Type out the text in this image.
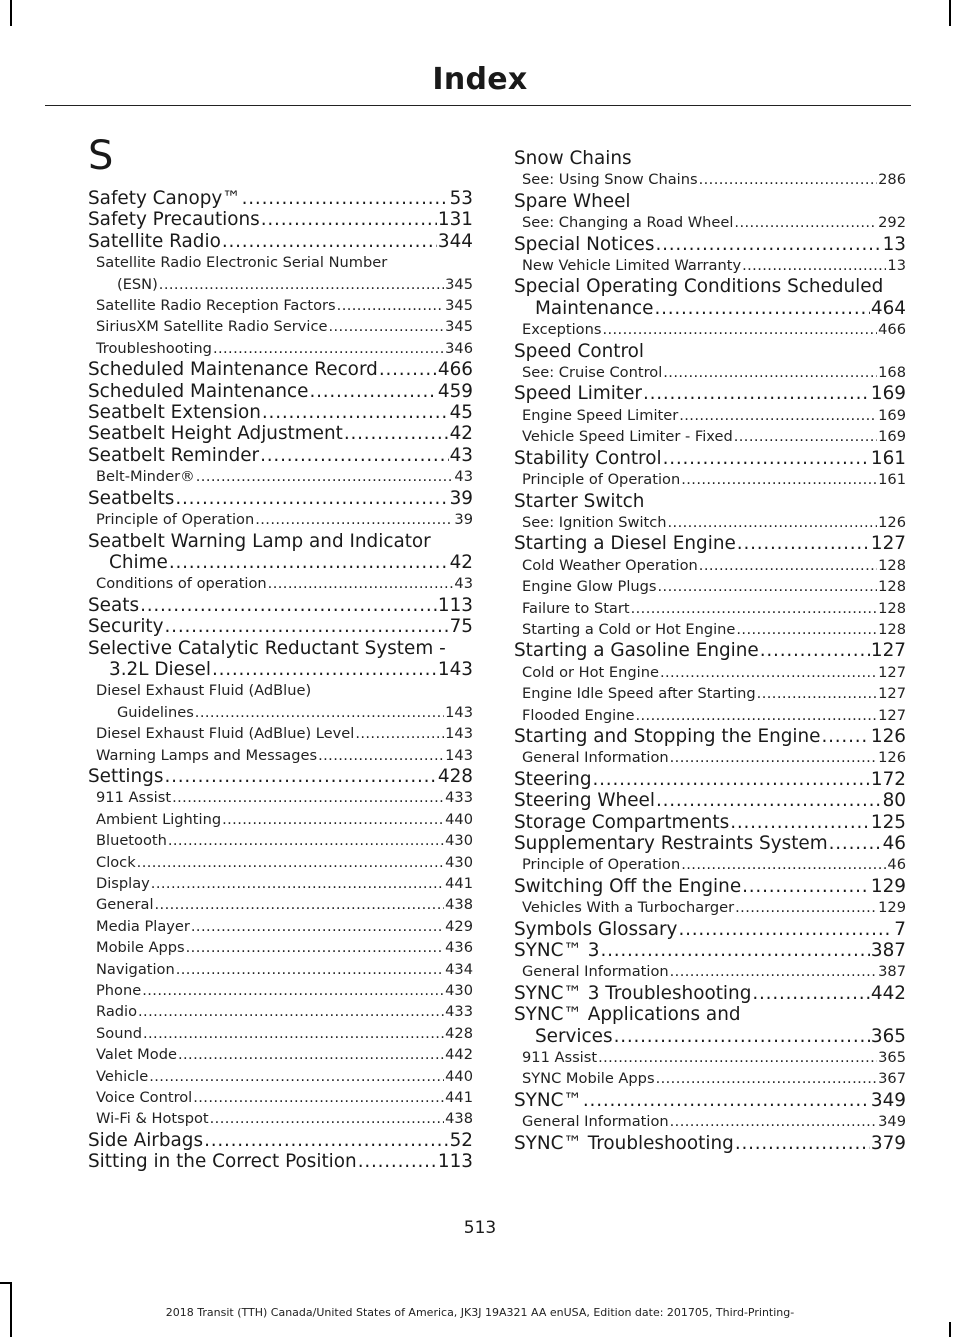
Index
S
Safety Canopy™ .....	53
Safety Precautions .....	131
Satellite Radio .....	344
Satellite Radio Electronic Serial Number
(ESN) .....	345
Satellite Radio Reception Factors .....	345
SiriusXM Satellite Radio Service .....	345
Troubleshooting .....	346
Scheduled Maintenance Record .....	466
Scheduled Maintenance .....	459
Seatbelt Extension .....	45
Seatbelt Height Adjustment .....	42
Seatbelt Reminder .....	43
Belt-Minder® .....	43
Seatbelts .....	39
Principle of Operation .....	39
Seatbelt Warning Lamp and Indicator
Chime .....	42
Conditions of operation .....	43
Seats .....	113
Security .....	75
Selective Catalytic Reductant System -
3.2L Diesel .....	143
Diesel Exhaust Fluid (AdBlue)
Guidelines .....	143
Diesel Exhaust Fluid (AdBlue) Level .....	143
Warning Lamps and Messages .....	143
Settings .....	428
911 Assist .....	433
Ambient Lighting .....	440
Bluetooth .....	430
Clock .....	430
Display .....	441
General .....	438
Media Player .....	429
Mobile Apps .....	436
Navigation .....	434
Phone .....	430
Radio .....	433
Sound .....	428
Valet Mode .....	442
Vehicle .....	440
Voice Control .....	441
Wi-Fi & Hotspot .....	438
Side Airbags .....	52
Sitting in the Correct Position .....	113
Snow Chains
See: Using Snow Chains .....	286
Spare Wheel
See: Changing a Road Wheel .....	292
Special Notices .....	13
New Vehicle Limited Warranty .....	13
Special Operating Conditions Scheduled
Maintenance .....	464
Exceptions .....	466
Speed Control
See: Cruise Control .....	168
Speed Limiter .....	169
Engine Speed Limiter .....	169
Vehicle Speed Limiter - Fixed .....	169
Stability Control .....	161
Principle of Operation .....	161
Starter Switch
See: Ignition Switch .....	126
Starting a Diesel Engine .....	127
Cold Weather Operation .....	128
Engine Glow Plugs .....	128
Failure to Start .....	128
Starting a Cold or Hot Engine .....	128
Starting a Gasoline Engine .....	127
Cold or Hot Engine .....	127
Engine Idle Speed after Starting .....	127
Flooded Engine .....	127
Starting and Stopping the Engine .....	126
General Information .....	126
Steering .....	172
Steering Wheel .....	80
Storage Compartments .....	125
Supplementary Restraints System .....	46
Principle of Operation .....	46
Switching Off the Engine .....	129
Vehicles With a Turbocharger .....	129
Symbols Glossary .....	7
SYNC™ 3 .....	387
General Information .....	387
SYNC™ 3 Troubleshooting .....	442
SYNC™ Applications and
Services .....	365
911 Assist .....	365
SYNC Mobile Apps .....	367
SYNC™ .....	349
General Information .....	349
SYNC™ Troubleshooting .....	379
513
2018 Transit (TTH) Canada/United States of America, JK3J 19A321 AA enUSA, Edition date: 201705, Third-Printing-
